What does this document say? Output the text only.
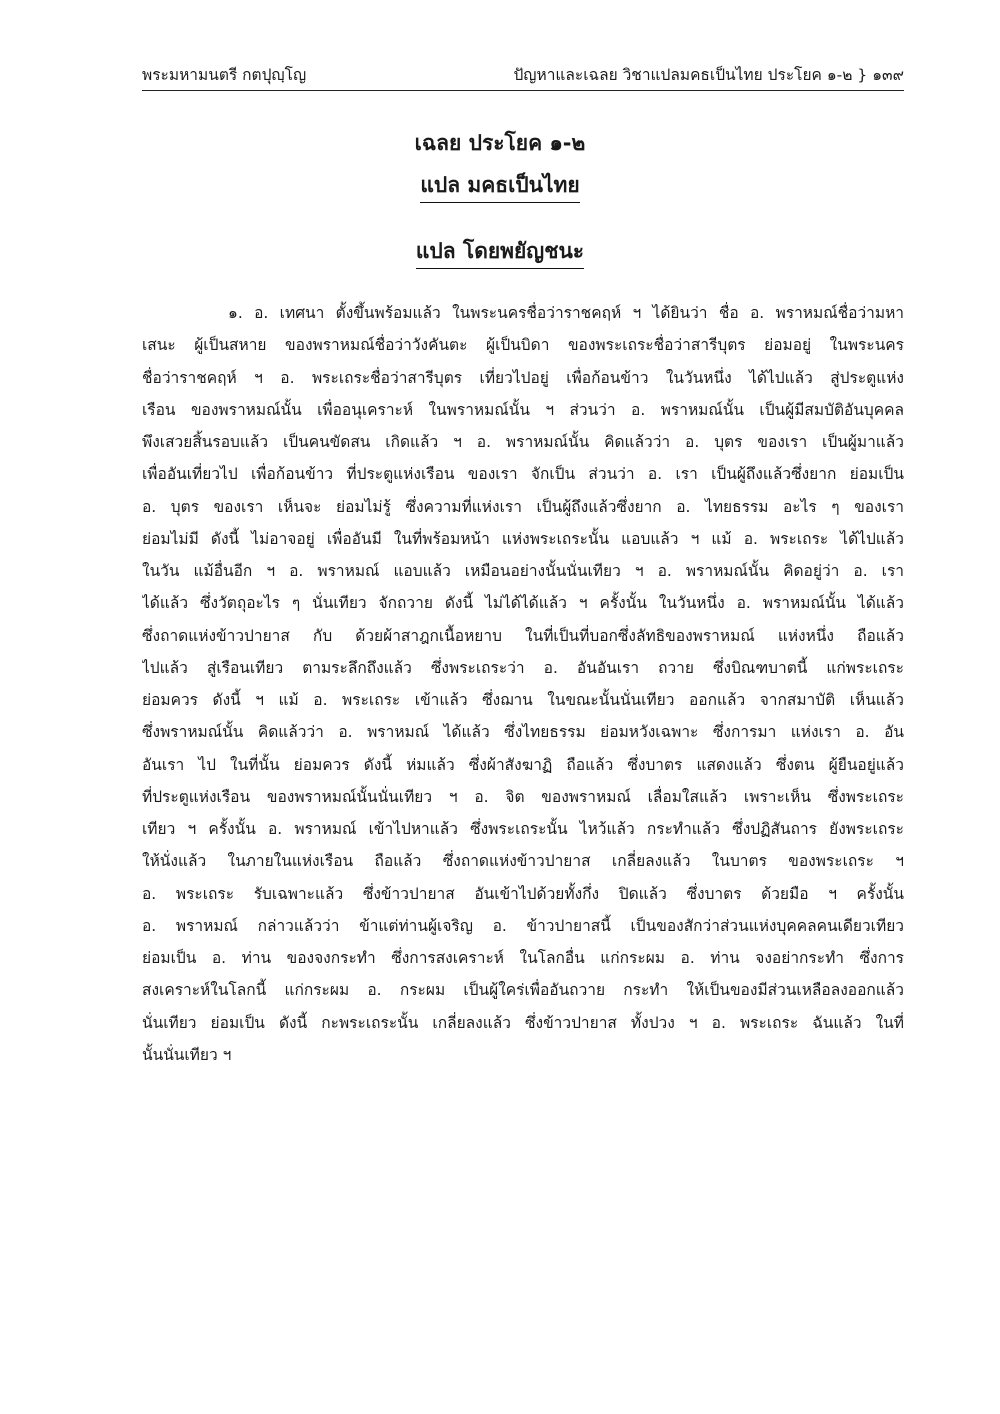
พระมหามนตรี กตปุญฺโญ	ปัญหาและเฉลย วิชาแปลมคธเป็นไทย ประโยค ๑-๒ } ๑๓๙
เฉลย ประโยค ๑-๒
แปล มคธเป็นไทย
แปล โดยพยัญชนะ
๑. อ. เทศนา ตั้งขึ้นพร้อมแล้ว ในพระนครชื่อว่าราชคฤห์ ฯ ได้ยินว่า ชื่อ อ. พราหมณ์ชื่อว่ามหา
เสนะ ผู้เป็นสหาย ของพราหมณ์ชื่อว่าวังคันตะ ผู้เป็นบิดา ของพระเถระชื่อว่าสารีบุตร ย่อมอยู่ ในพระนคร
ชื่อว่าราชคฤห์ ฯ อ. พระเถระชื่อว่าสารีบุตร เที่ยวไปอยู่ เพื่อก้อนข้าว ในวันหนึ่ง ได้ไปแล้ว สู่ประตูแห่ง
เรือน ของพราหมณ์นั้น เพื่ออนุเคราะห์ ในพราหมณ์นั้น ฯ ส่วนว่า อ. พราหมณ์นั้น เป็นผู้มีสมบัติอันบุคคล
พึงเสวยสิ้นรอบแล้ว เป็นคนขัดสน เกิดแล้ว ฯ อ. พราหมณ์นั้น คิดแล้วว่า อ. บุตร ของเรา เป็นผู้มาแล้ว
เพื่ออันเที่ยวไป เพื่อก้อนข้าว ที่ประตูแห่งเรือน ของเรา จักเป็น ส่วนว่า อ. เรา เป็นผู้ถึงแล้วซึ่งยาก ย่อมเป็น
อ. บุตร ของเรา เห็นจะ ย่อมไม่รู้ ซึ่งความที่แห่งเรา เป็นผู้ถึงแล้วซึ่งยาก อ. ไทยธรรม อะไร ๆ ของเรา
ย่อมไม่มี ดังนี้ ไม่อาจอยู่ เพื่ออันมี ในที่พร้อมหน้า แห่งพระเถระนั้น แอบแล้ว ฯ แม้ อ. พระเถระ ได้ไปแล้ว
ในวัน แม้อื่นอีก ฯ อ. พราหมณ์ แอบแล้ว เหมือนอย่างนั้นนั่นเทียว ฯ อ. พราหมณ์นั้น คิดอยู่ว่า อ. เรา
ได้แล้ว ซึ่งวัตถุอะไร ๆ นั่นเทียว จักถวาย ดังนี้ ไม่ได้ได้แล้ว ฯ ครั้งนั้น ในวันหนึ่ง อ. พราหมณ์นั้น ได้แล้ว
ซึ่งถาดแห่งข้าวปายาส กับ ด้วยผ้าสาฎกเนื้อหยาบ ในที่เป็นที่บอกซึ่งลัทธิของพราหมณ์ แห่งหนึ่ง ถือแล้ว
ไปแล้ว สู่เรือนเทียว ตามระลึกถึงแล้ว ซึ่งพระเถระว่า อ. อันอันเรา ถวาย ซึ่งบิณฑบาตนี้ แก่พระเถระ
ย่อมควร ดังนี้ ฯ แม้ อ. พระเถระ เข้าแล้ว ซึ่งฌาน ในขณะนั้นนั่นเทียว ออกแล้ว จากสมาบัติ เห็นแล้ว
ซึ่งพราหมณ์นั้น คิดแล้วว่า อ. พราหมณ์ ได้แล้ว ซึ่งไทยธรรม ย่อมหวังเฉพาะ ซึ่งการมา แห่งเรา อ. อัน
อันเรา ไป ในที่นั้น ย่อมควร ดังนี้ ห่มแล้ว ซึ่งผ้าสังฆาฏิ ถือแล้ว ซึ่งบาตร แสดงแล้ว ซึ่งตน ผู้ยืนอยู่แล้ว
ที่ประตูแห่งเรือน ของพราหมณ์นั้นนั่นเทียว ฯ อ. จิต ของพราหมณ์ เลื่อมใสแล้ว เพราะเห็น ซึ่งพระเถระ
เทียว ฯ ครั้งนั้น อ. พราหมณ์ เข้าไปหาแล้ว ซึ่งพระเถระนั้น ไหว้แล้ว กระทำแล้ว ซึ่งปฏิสันถาร ยังพระเถระ
ให้นั่งแล้ว ในภายในแห่งเรือน ถือแล้ว ซึ่งถาดแห่งข้าวปายาส เกลี่ยลงแล้ว ในบาตร ของพระเถระ ฯ
อ. พระเถระ รับเฉพาะแล้ว ซึ่งข้าวปายาส อันเข้าไปด้วยทั้งกึ่ง ปิดแล้ว ซึ่งบาตร ด้วยมือ ฯ ครั้งนั้น
อ. พราหมณ์ กล่าวแล้วว่า ข้าแต่ท่านผู้เจริญ อ. ข้าวปายาสนี้ เป็นของสักว่าส่วนแห่งบุคคลคนเดียวเทียว
ย่อมเป็น อ. ท่าน ของจงกระทำ ซึ่งการสงเคราะห์ ในโลกอื่น แก่กระผม อ. ท่าน จงอย่ากระทำ ซึ่งการ
สงเคราะห์ในโลกนี้ แก่กระผม อ. กระผม เป็นผู้ใคร่เพื่ออันถวาย กระทำ ให้เป็นของมีส่วนเหลือลงออกแล้ว
นั่นเทียว ย่อมเป็น ดังนี้ กะพระเถระนั้น เกลี่ยลงแล้ว ซึ่งข้าวปายาส ทั้งปวง ฯ อ. พระเถระ ฉันแล้ว ในที่
นั้นนั่นเทียว ฯ
